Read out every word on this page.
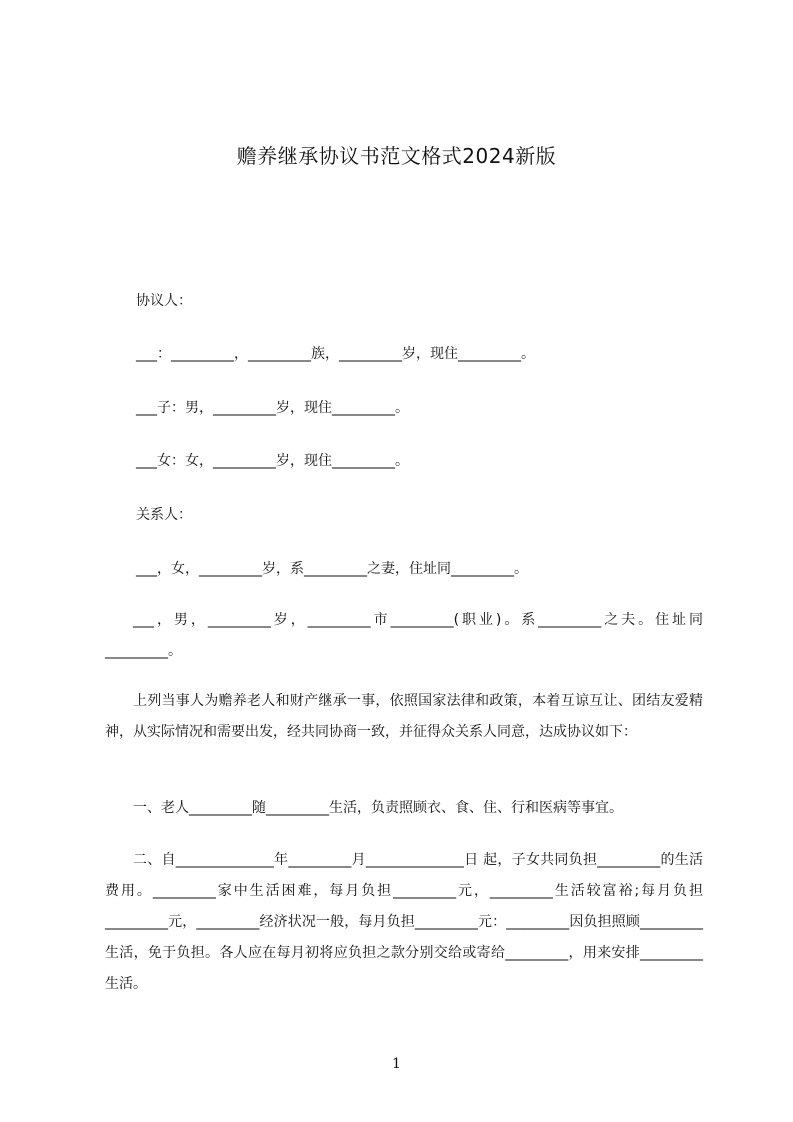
赡养继承协议书范文格式2024新版
协议人：
___：_________，_________族，_________岁，现住_________。
___子：男，_________岁，现住_________。
___女：女，_________岁，现住_________。
关系人：
___，女，_________岁，系_________之妻，住址同_________。

___，男，_________岁，_________市_________(职业)。系_________之夫。住址同_________。

上列当事人为赡养老人和财产继承一事，依照国家法律和政策，本着互谅互让、团结友爱精神，从实际情况和需要出发，经共同协商一致，并征得众关系人同意，达成协议如下：

一、老人_________随_________生活，负责照顾衣、食、住、行和医病等事宜。

二、自______________年_________月______________日 起，子女共同负担_________的生活费用。_________家中生活困难，每月负担_________元，_________生活较富裕;每月负担_________元，_________经济状况一般，每月负担_________元：_________因负担照顾_________生活，免于负担。各人应在每月初将应负担之款分别交给或寄给_________，用来安排_________生活。

1
